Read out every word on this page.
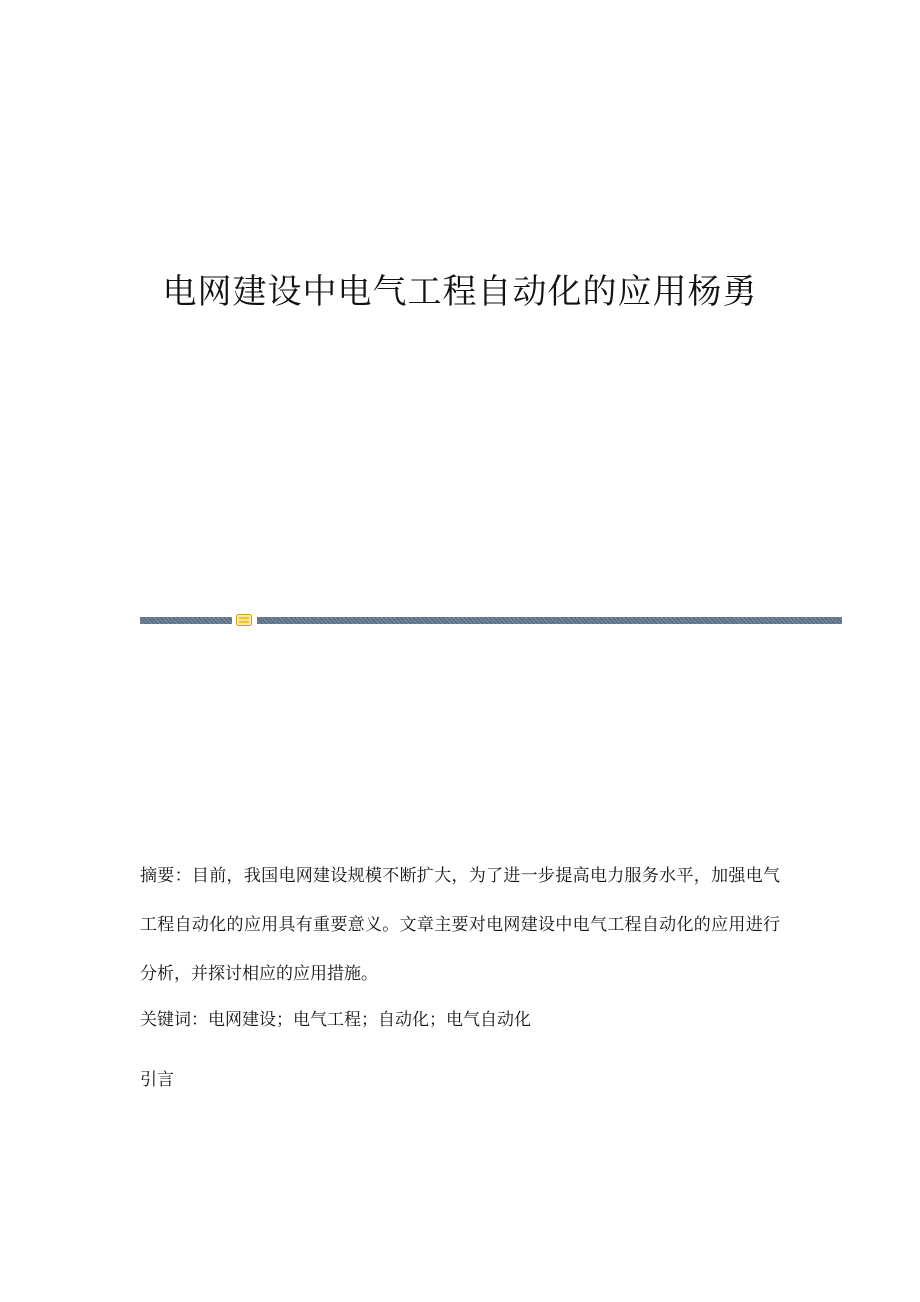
电网建设中电气工程自动化的应用杨勇

摘要：目前，我国电网建设规模不断扩大，为了进一步提高电力服务水平，加强电气工程自动化的应用具有重要意义。文章主要对电网建设中电气工程自动化的应用进行分析，并探讨相应的应用措施。

关键词：电网建设；电气工程；自动化；电气自动化

引言
